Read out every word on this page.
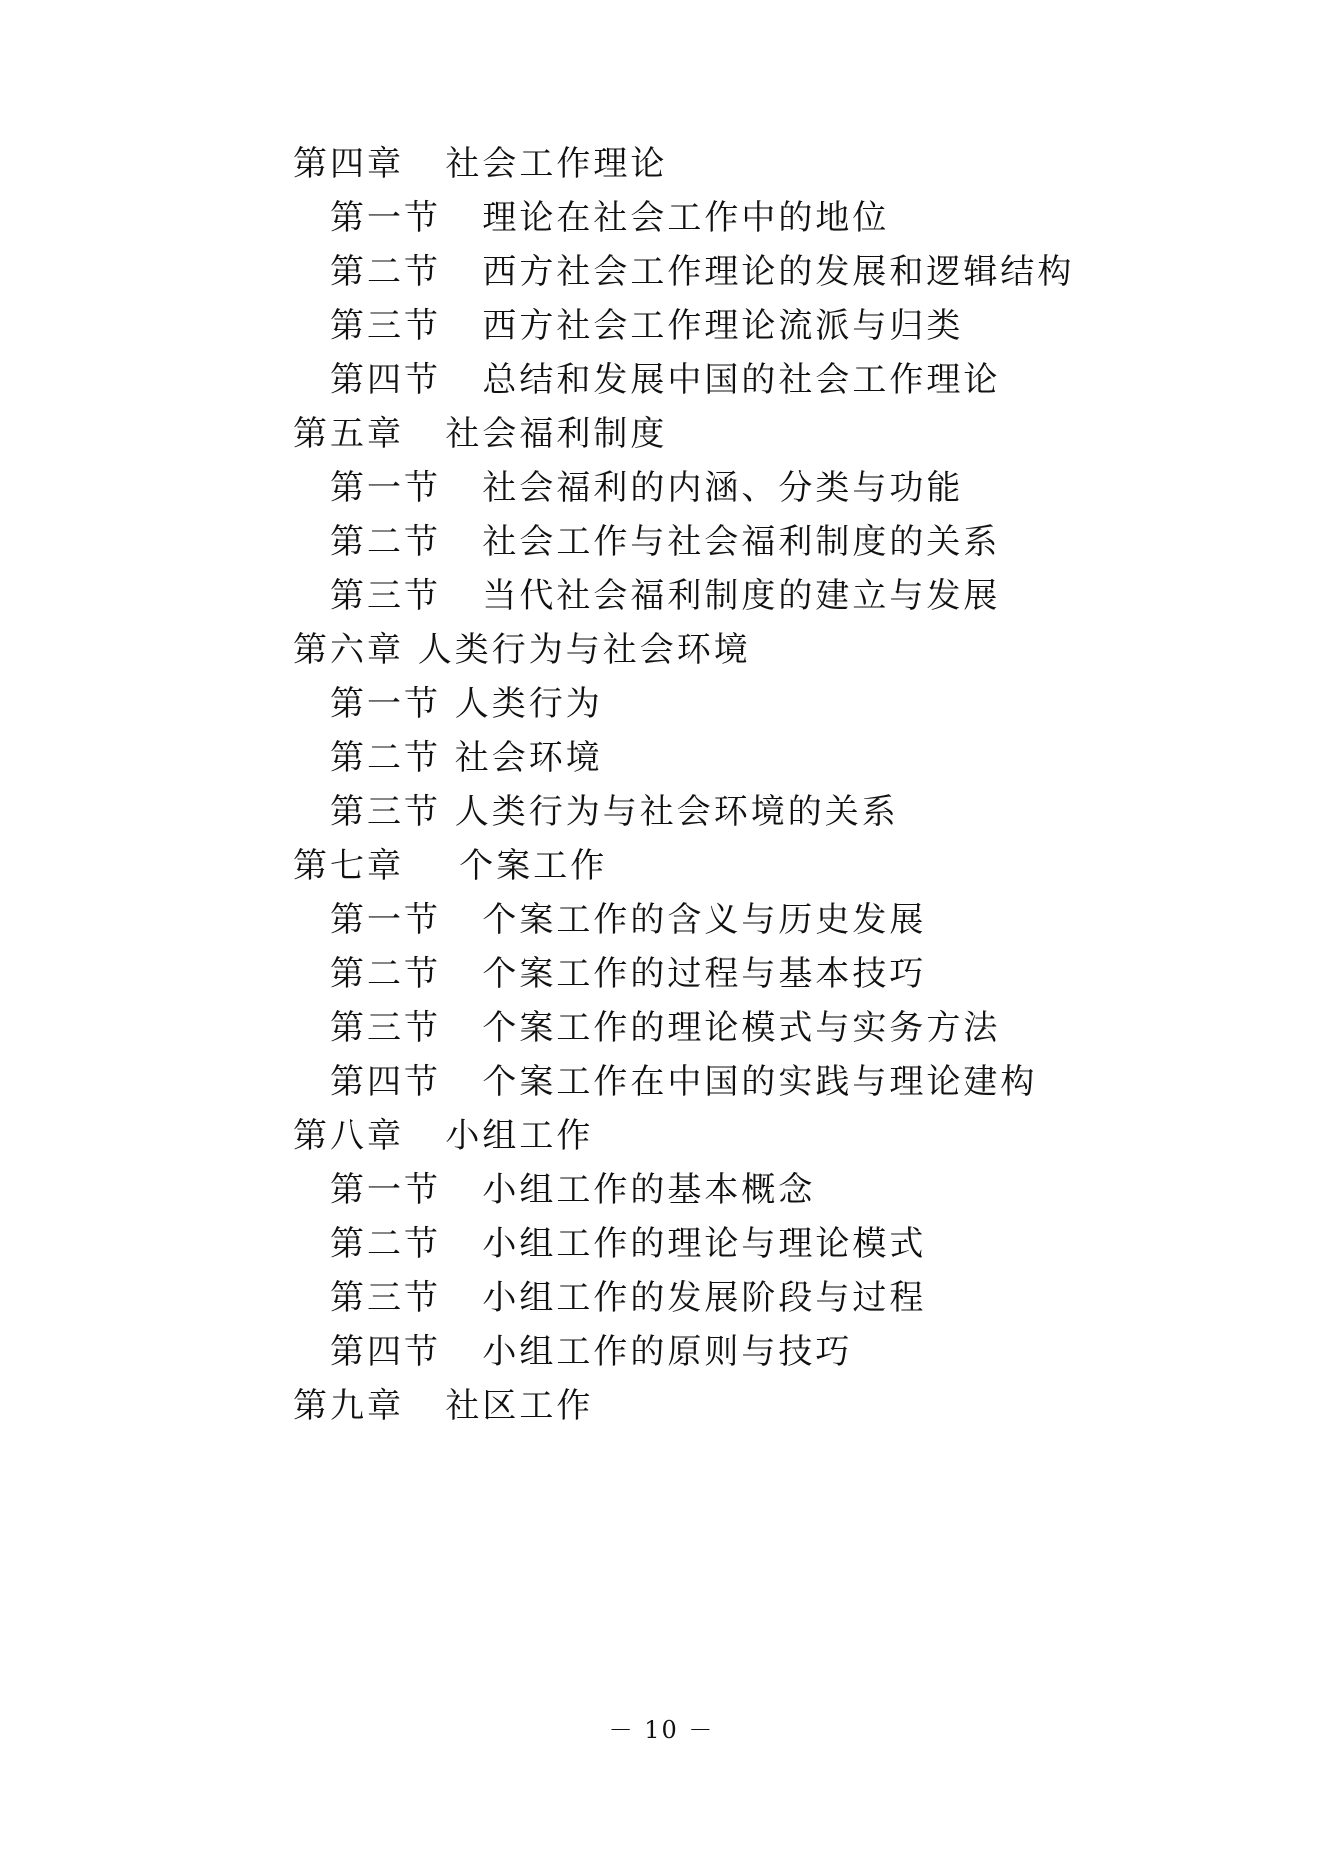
第四章   社会工作理论
第一节   理论在社会工作中的地位
第二节   西方社会工作理论的发展和逻辑结构
第三节   西方社会工作理论流派与归类
第四节   总结和发展中国的社会工作理论
第五章   社会福利制度
第一节   社会福利的内涵、分类与功能
第二节   社会工作与社会福利制度的关系
第三节   当代社会福利制度的建立与发展
第六章 人类行为与社会环境
第一节 人类行为
第二节 社会环境
第三节 人类行为与社会环境的关系
第七章    个案工作
第一节   个案工作的含义与历史发展
第二节   个案工作的过程与基本技巧
第三节   个案工作的理论模式与实务方法
第四节   个案工作在中国的实践与理论建构
第八章   小组工作
第一节   小组工作的基本概念
第二节   小组工作的理论与理论模式
第三节   小组工作的发展阶段与过程
第四节   小组工作的原则与技巧
第九章   社区工作
－ 10 －
